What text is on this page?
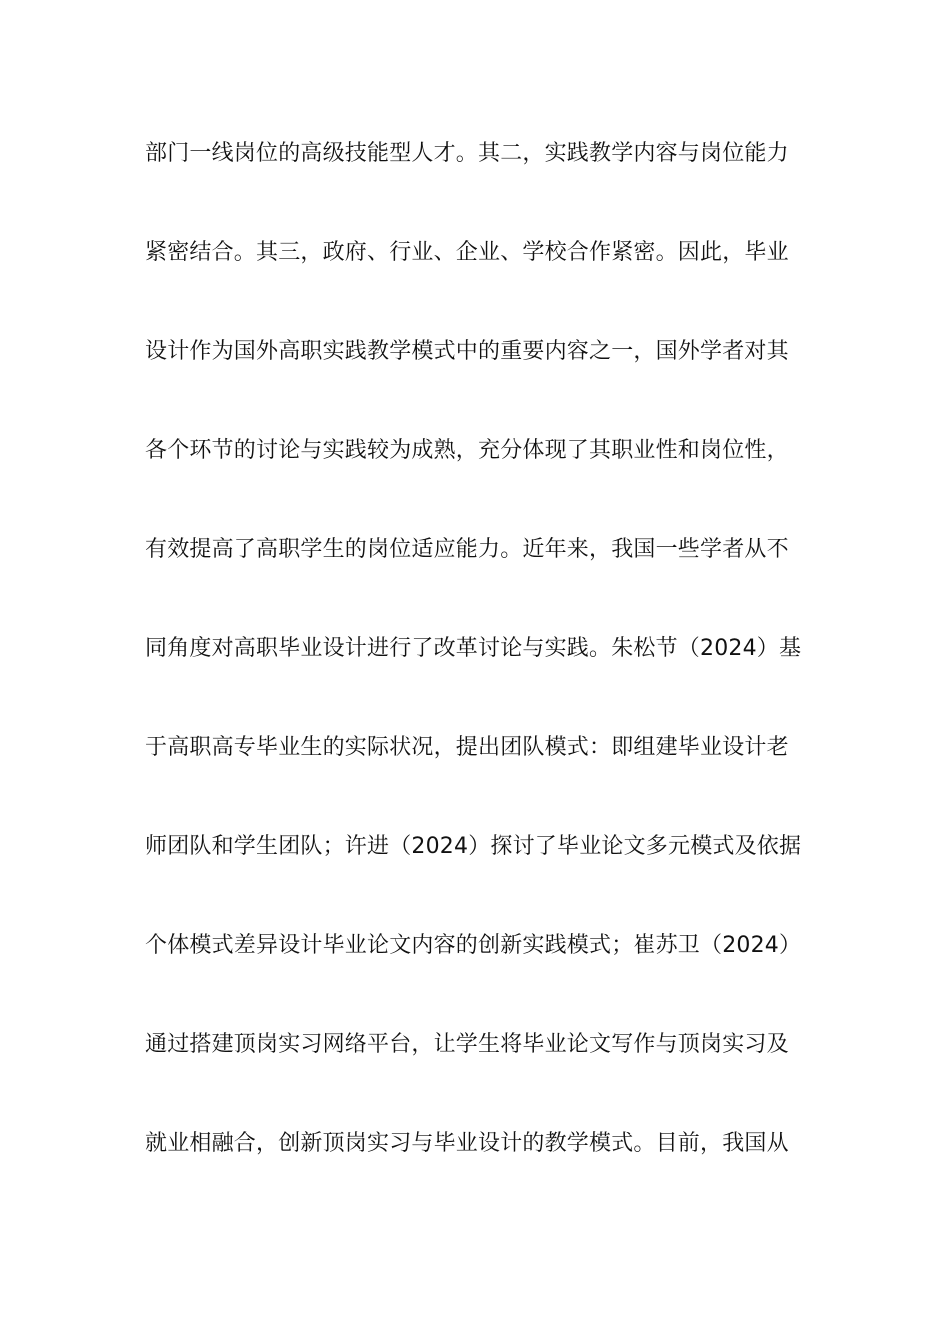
部门一线岗位的高级技能型人才。其二，实践教学内容与岗位能力
紧密结合。其三，政府、行业、企业、学校合作紧密。因此，毕业
设计作为国外高职实践教学模式中的重要内容之一，国外学者对其
各个环节的讨论与实践较为成熟，充分体现了其职业性和岗位性，
有效提高了高职学生的岗位适应能力。近年来，我国一些学者从不
同角度对高职毕业设计进行了改革讨论与实践。朱松节（2024）基
于高职高专毕业生的实际状况，提出团队模式：即组建毕业设计老
师团队和学生团队；许进（2024）探讨了毕业论文多元模式及依据
个体模式差异设计毕业论文内容的创新实践模式；崔苏卫（2024）
通过搭建顶岗实习网络平台，让学生将毕业论文写作与顶岗实习及
就业相融合，创新顶岗实习与毕业设计的教学模式。目前，我国从
